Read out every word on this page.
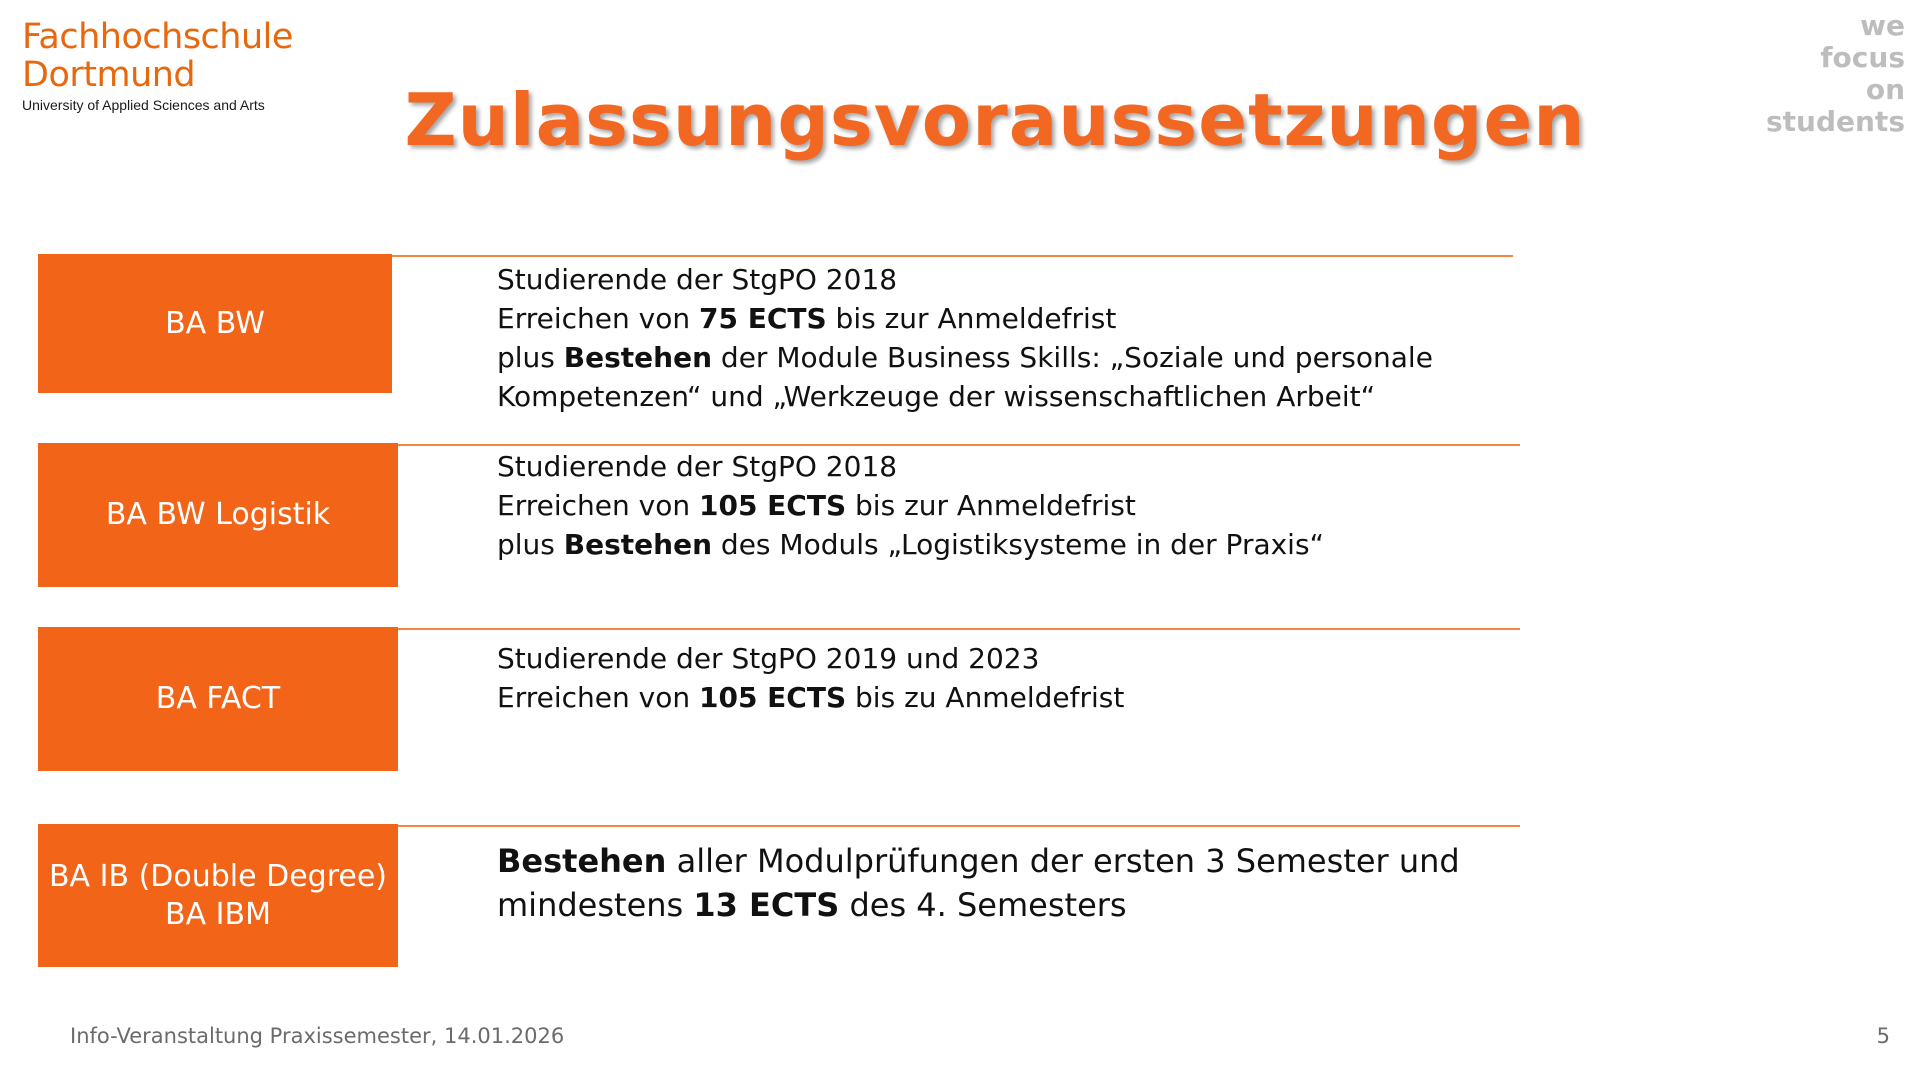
Fachhochschule
Dortmund
University of Applied Sciences and Arts
we
focus
on
students
Zulassungsvoraussetzungen
BA BW
Studierende der StgPO 2018
Erreichen von 75 ECTS bis zur Anmeldefrist
plus Bestehen der Module Business Skills: „Soziale und personale
Kompetenzen“ und „Werkzeuge der wissenschaftlichen Arbeit“
BA BW Logistik
Studierende der StgPO 2018
Erreichen von 105 ECTS bis zur Anmeldefrist
plus Bestehen des Moduls „Logistiksysteme in der Praxis“
BA FACT
Studierende der StgPO 2019 und 2023
Erreichen von 105 ECTS bis zu Anmeldefrist
BA IB (Double Degree)
BA IBM
Bestehen aller Modulprüfungen der ersten 3 Semester und
mindestens 13 ECTS des 4. Semesters
Info-Veranstaltung Praxissemester, 14.01.2026	5
